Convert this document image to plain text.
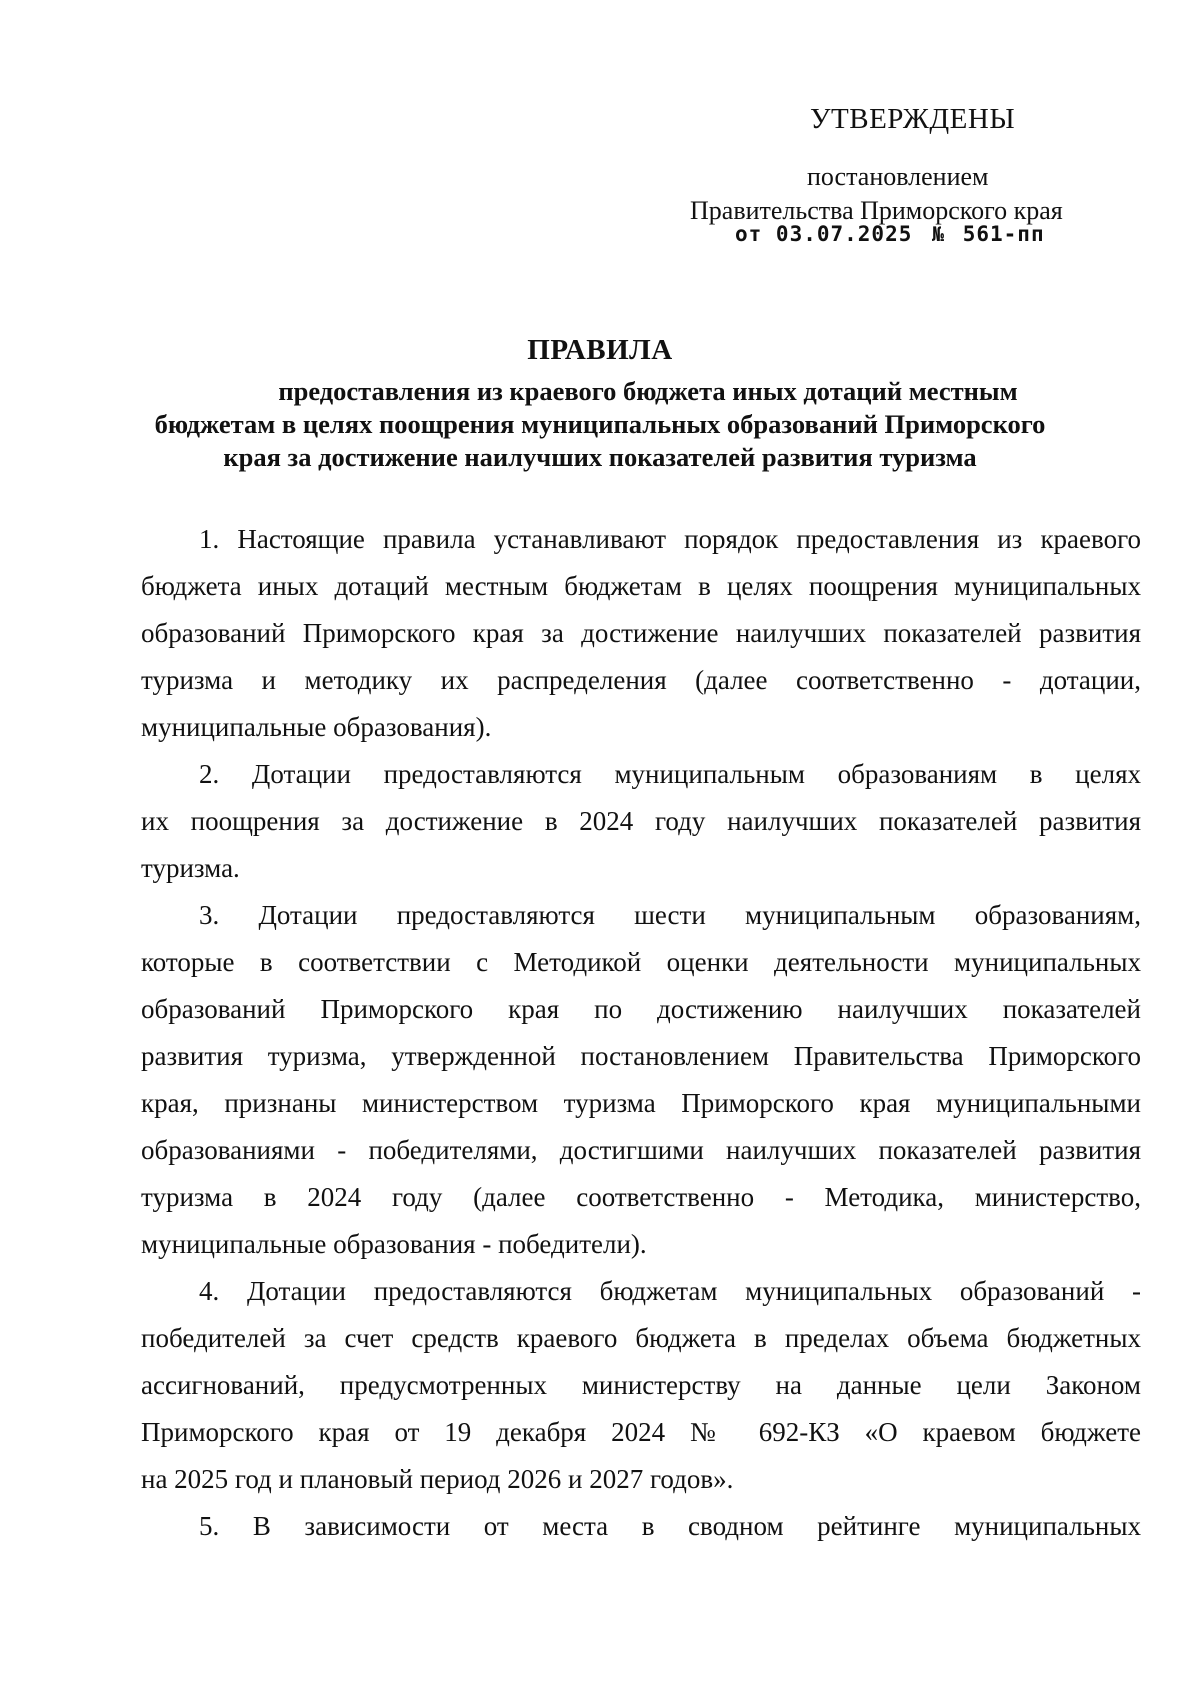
УТВЕРЖДЕНЫ
постановлением
Правительства Приморского края
от 03.07.2025 № 561-пп
ПРАВИЛА
предоставления из краевого бюджета иных дотаций местным
бюджетам в целях поощрения муниципальных образований Приморского
края за достижение наилучших показателей развития туризма
1. Настоящие правила устанавливают порядок предоставления из краевого
бюджета иных дотаций местным бюджетам в целях поощрения муниципальных
образований Приморского края за достижение наилучших показателей развития
туризма и методику их распределения (далее соответственно - дотации,
муниципальные образования).
2. Дотации предоставляются муниципальным образованиям в целях
их поощрения за достижение в 2024 году наилучших показателей развития
туризма.
3. Дотации предоставляются шести муниципальным образованиям,
которые в соответствии с Методикой оценки деятельности муниципальных
образований Приморского края по достижению наилучших показателей
развития туризма, утвержденной постановлением Правительства Приморского
края, признаны министерством туризма Приморского края муниципальными
образованиями - победителями, достигшими наилучших показателей развития
туризма в 2024 году (далее соответственно - Методика, министерство,
муниципальные образования - победители).
4. Дотации предоставляются бюджетам муниципальных образований -
победителей за счет средств краевого бюджета в пределах объема бюджетных
ассигнований, предусмотренных министерству на данные цели Законом
Приморского края от 19 декабря 2024 № 692-КЗ «О краевом бюджете
на 2025 год и плановый период 2026 и 2027 годов».
5. В зависимости от места в сводном рейтинге муниципальных
